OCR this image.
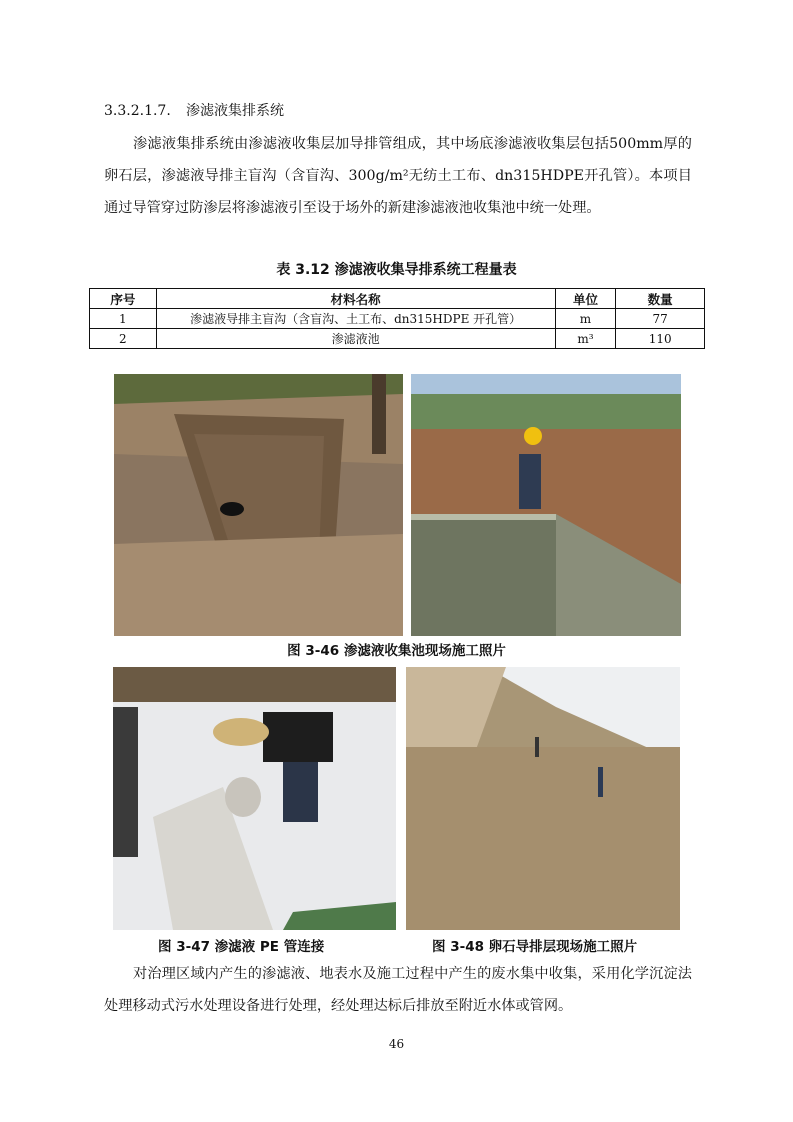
3.3.2.1.7. 渗滤液集排系统
渗滤液集排系统由渗滤液收集层加导排管组成，其中场底渗滤液收集层包括500mm厚的卵石层，渗滤液导排主盲沟（含盲沟、300g/m²无纺土工布、dn315HDPE开孔管）。本项目通过导管穿过防渗层将渗滤液引至设于场外的新建渗滤液池收集池中统一处理。
表 3.12 渗滤液收集导排系统工程量表
序号	材料名称	单位	数量
1	渗滤液导排主盲沟（含盲沟、土工布、dn315HDPE 开孔管）	m	77
2	渗滤液池	m³	110
图 3-46 渗滤液收集池现场施工照片
图 3-47 渗滤液 PE 管连接	图 3-48 卵石导排层现场施工照片
对治理区域内产生的渗滤液、地表水及施工过程中产生的废水集中收集，采用化学沉淀法处理移动式污水处理设备进行处理，经处理达标后排放至附近水体或管网。
46
